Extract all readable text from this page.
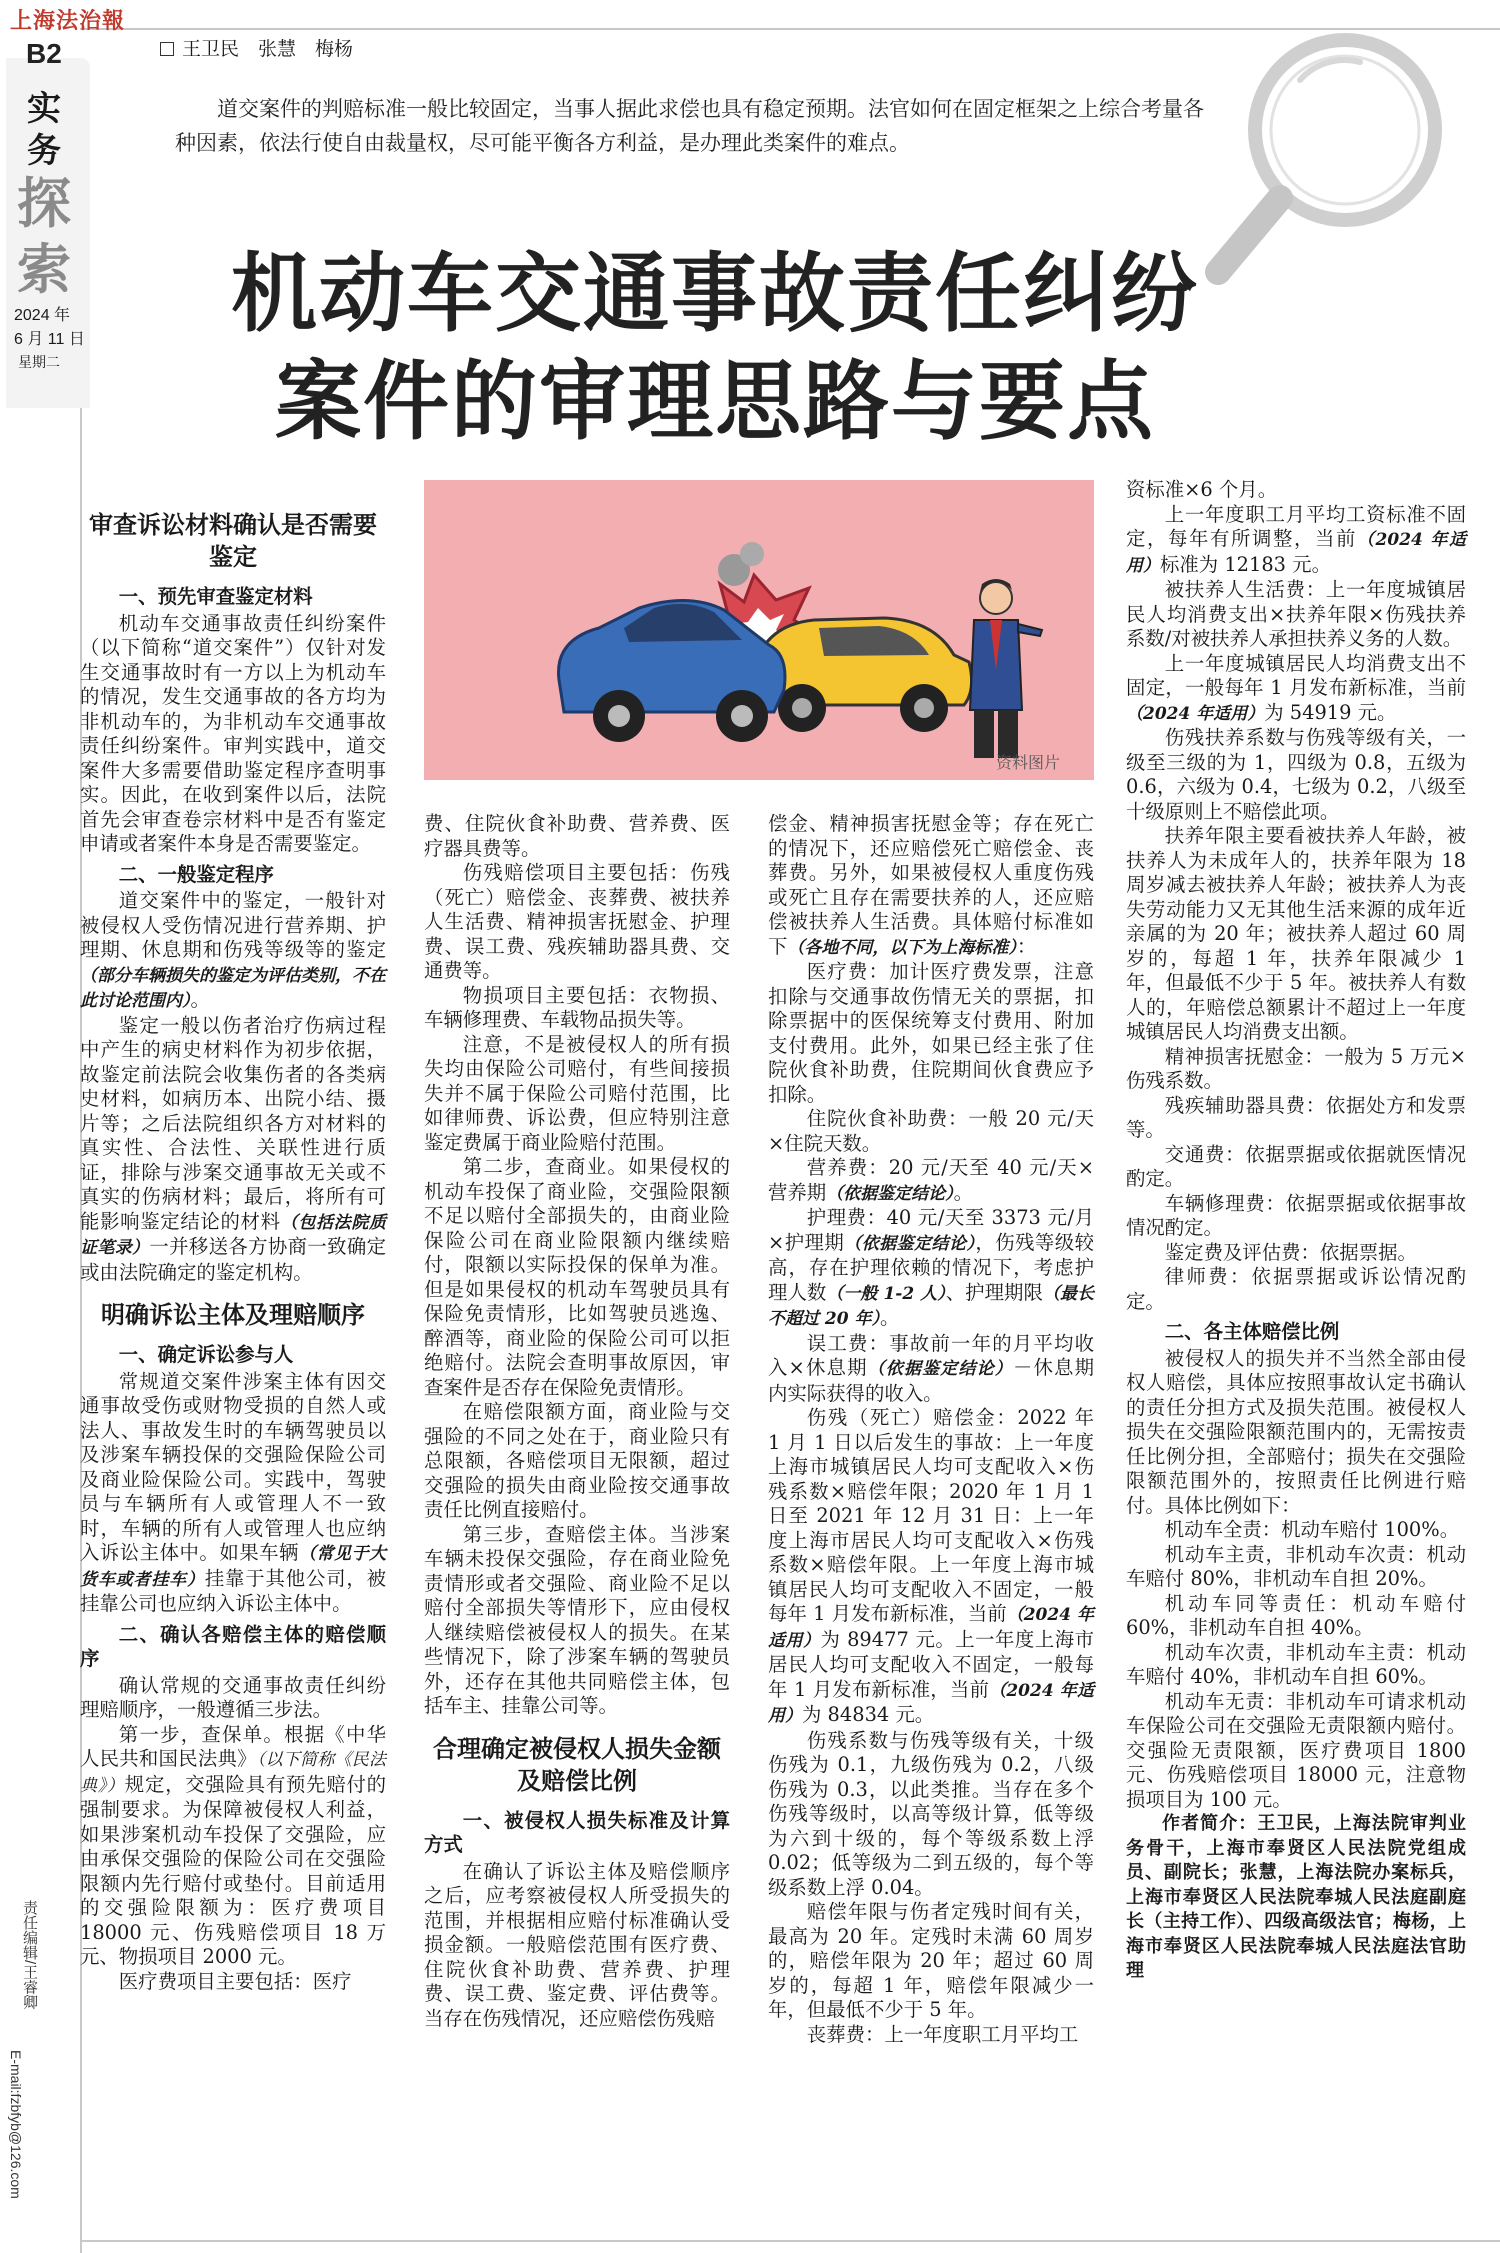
上海法治報
B2
实务
探索
2024 年
6 月 11 日
星期二
责任编辑/王睿卿
E-mail:fzbfyb@126.com
王卫民　张慧　梅杨
道交案件的判赔标准一般比较固定，当事人据此求偿也具有稳定预期。法官如何在固定框架之上综合考量各种因素，依法行使自由裁量权，尽可能平衡各方利益，是办理此类案件的难点。
机动车交通事故责任纠纷
案件的审理思路与要点
资料图片
审查诉讼材料确认是否需要鉴定

一、预先审查鉴定材料

机动车交通事故责任纠纷案件（以下简称“道交案件”）仅针对发生交通事故时有一方以上为机动车的情况，发生交通事故的各方均为非机动车的，为非机动车交通事故责任纠纷案件。审判实践中，道交案件大多需要借助鉴定程序查明事实。因此，在收到案件以后，法院首先会审查卷宗材料中是否有鉴定申请或者案件本身是否需要鉴定。

二、一般鉴定程序

道交案件中的鉴定，一般针对被侵权人受伤情况进行营养期、护理期、休息期和伤残等级等的鉴定（部分车辆损失的鉴定为评估类别，不在此讨论范围内）。

鉴定一般以伤者治疗伤病过程中产生的病史材料作为初步依据，故鉴定前法院会收集伤者的各类病史材料，如病历本、出院小结、摄片等；之后法院组织各方对材料的真实性、合法性、关联性进行质证，排除与涉案交通事故无关或不真实的伤病材料；最后，将所有可能影响鉴定结论的材料（包括法院质证笔录）一并移送各方协商一致确定或由法院确定的鉴定机构。

明确诉讼主体及理赔顺序

一、确定诉讼参与人

常规道交案件涉案主体有因交通事故受伤或财物受损的自然人或法人、事故发生时的车辆驾驶员以及涉案车辆投保的交强险保险公司及商业险保险公司。实践中，驾驶员与车辆所有人或管理人不一致时，车辆的所有人或管理人也应纳入诉讼主体中。如果车辆（常见于大货车或者挂车）挂靠于其他公司，被挂靠公司也应纳入诉讼主体中。

二、确认各赔偿主体的赔偿顺序

确认常规的交通事故责任纠纷理赔顺序，一般遵循三步法。

第一步，查保单。根据《中华人民共和国民法典》（以下简称《民法典》）规定，交强险具有预先赔付的强制要求。为保障被侵权人利益，如果涉案机动车投保了交强险，应由承保交强险的保险公司在交强险限额内先行赔付或垫付。目前适用的交强险限额为：医疗费项目 18000 元、伤残赔偿项目 18 万元、物损项目 2000 元。

医疗费项目主要包括：医疗

费、住院伙食补助费、营养费、医疗器具费等。

伤残赔偿项目主要包括：伤残（死亡）赔偿金、丧葬费、被扶养人生活费、精神损害抚慰金、护理费、误工费、残疾辅助器具费、交通费等。

物损项目主要包括：衣物损、车辆修理费、车载物品损失等。

注意，不是被侵权人的所有损失均由保险公司赔付，有些间接损失并不属于保险公司赔付范围，比如律师费、诉讼费，但应特别注意鉴定费属于商业险赔付范围。

第二步，查商业。如果侵权的机动车投保了商业险，交强险限额不足以赔付全部损失的，由商业险保险公司在商业险限额内继续赔付，限额以实际投保的保单为准。但是如果侵权的机动车驾驶员具有保险免责情形，比如驾驶员逃逸、醉酒等，商业险的保险公司可以拒绝赔付。法院会查明事故原因，审查案件是否存在保险免责情形。

在赔偿限额方面，商业险与交强险的不同之处在于，商业险只有总限额，各赔偿项目无限额，超过交强险的损失由商业险按交通事故责任比例直接赔付。

第三步，查赔偿主体。当涉案车辆未投保交强险，存在商业险免责情形或者交强险、商业险不足以赔付全部损失等情形下，应由侵权人继续赔偿被侵权人的损失。在某些情况下，除了涉案车辆的驾驶员外，还存在其他共同赔偿主体，包括车主、挂靠公司等。

合理确定被侵权人损失金额及赔偿比例

一、被侵权人损失标准及计算方式

在确认了诉讼主体及赔偿顺序之后，应考察被侵权人所受损失的范围，并根据相应赔付标准确认受损金额。一般赔偿范围有医疗费、住院伙食补助费、营养费、护理费、误工费、鉴定费、评估费等。当存在伤残情况，还应赔偿伤残赔

偿金、精神损害抚慰金等；存在死亡的情况下，还应赔偿死亡赔偿金、丧葬费。另外，如果被侵权人重度伤残或死亡且存在需要扶养的人，还应赔偿被扶养人生活费。具体赔付标准如下（各地不同，以下为上海标准）：

医疗费：加计医疗费发票，注意扣除与交通事故伤情无关的票据，扣除票据中的医保统筹支付费用、附加支付费用。此外，如果已经主张了住院伙食补助费，住院期间伙食费应予扣除。

住院伙食补助费：一般 20 元/天×住院天数。

营养费：20 元/天至 40 元/天×营养期（依据鉴定结论）。

护理费：40 元/天至 3373 元/月×护理期（依据鉴定结论），伤残等级较高，存在护理依赖的情况下，考虑护理人数（一般 1-2 人）、护理期限（最长不超过 20 年）。

误工费：事故前一年的月平均收入×休息期（依据鉴定结论）－休息期内实际获得的收入。

伤残（死亡）赔偿金：2022 年 1 月 1 日以后发生的事故：上一年度上海市城镇居民人均可支配收入×伤残系数×赔偿年限；2020 年 1 月 1 日至 2021 年 12 月 31 日：上一年度上海市居民人均可支配收入×伤残系数×赔偿年限。上一年度上海市城镇居民人均可支配收入不固定，一般每年 1 月发布新标准，当前（2024 年适用）为 89477 元。上一年度上海市居民人均可支配收入不固定，一般每年 1 月发布新标准，当前（2024 年适用）为 84834 元。

伤残系数与伤残等级有关，十级伤残为 0.1，九级伤残为 0.2，八级伤残为 0.3，以此类推。当存在多个伤残等级时，以高等级计算，低等级为六到十级的，每个等级系数上浮 0.02；低等级为二到五级的，每个等级系数上浮 0.04。

赔偿年限与伤者定残时间有关，最高为 20 年。定残时未满 60 周岁的，赔偿年限为 20 年；超过 60 周岁的，每超 1 年，赔偿年限减少一年，但最低不少于 5 年。

丧葬费：上一年度职工月平均工

资标准×6 个月。

上一年度职工月平均工资标准不固定，每年有所调整，当前（2024 年适用）标准为 12183 元。

被扶养人生活费：上一年度城镇居民人均消费支出×扶养年限×伤残扶养系数/对被扶养人承担扶养义务的人数。

上一年度城镇居民人均消费支出不固定，一般每年 1 月发布新标准，当前（2024 年适用）为 54919 元。

伤残扶养系数与伤残等级有关，一级至三级的为 1，四级为 0.8，五级为 0.6，六级为 0.4，七级为 0.2，八级至十级原则上不赔偿此项。

扶养年限主要看被扶养人年龄，被扶养人为未成年人的，扶养年限为 18 周岁减去被扶养人年龄；被扶养人为丧失劳动能力又无其他生活来源的成年近亲属的为 20 年；被扶养人超过 60 周岁的，每超 1 年，扶养年限减少 1 年，但最低不少于 5 年。被扶养人有数人的，年赔偿总额累计不超过上一年度城镇居民人均消费支出额。

精神损害抚慰金：一般为 5 万元×伤残系数。

残疾辅助器具费：依据处方和发票等。

交通费：依据票据或依据就医情况酌定。

车辆修理费：依据票据或依据事故情况酌定。

鉴定费及评估费：依据票据。

律师费：依据票据或诉讼情况酌定。

二、各主体赔偿比例

被侵权人的损失并不当然全部由侵权人赔偿，具体应按照事故认定书确认的责任分担方式及损失范围。被侵权人损失在交强险限额范围内的，无需按责任比例分担，全部赔付；损失在交强险限额范围外的，按照责任比例进行赔付。具体比例如下：

机动车全责：机动车赔付 100%。

机动车主责，非机动车次责：机动车赔付 80%，非机动车自担 20%。

机动车同等责任：机动车赔付 60%，非机动车自担 40%。

机动车次责，非机动车主责：机动车赔付 40%，非机动车自担 60%。

机动车无责：非机动车可请求机动车保险公司在交强险无责限额内赔付。交强险无责限额，医疗费项目 1800 元、伤残赔偿项目 18000 元，注意物损项目为 100 元。

作者简介：王卫民，上海法院审判业务骨干，上海市奉贤区人民法院党组成员、副院长；张慧，上海法院办案标兵，上海市奉贤区人民法院奉城人民法庭副庭长（主持工作）、四级高级法官；梅杨，上海市奉贤区人民法院奉城人民法庭法官助理
